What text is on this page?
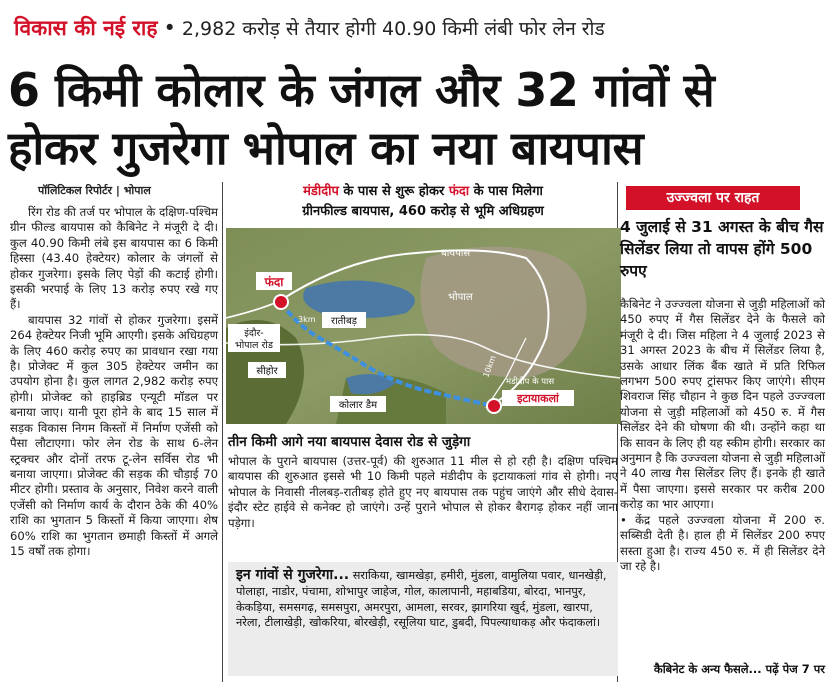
विकास की नई राह • 2,982 करोड़ से तैयार होगी 40.90 किमी लंबी फोर लेन रोड
6 किमी कोलार के जंगल और 32 गांवों से
होकर गुजरेगा भोपाल का नया बायपास
पॉलिटिकल रिपोर्टर | भोपाल

रिंग रोड की तर्ज पर भोपाल के दक्षिण-पश्चिम ग्रीन फील्ड बायपास को कैबिनेट ने मंजूरी दे दी। कुल 40.90 किमी लंबे इस बायपास का 6 किमी हिस्सा (43.40 हेक्टेयर) कोलार के जंगलों से होकर गुजरेगा। इसके लिए पेड़ों की कटाई होगी। इसकी भरपाई के लिए 13 करोड़ रुपए रखे गए हैं।

बायपास 32 गांवों से होकर गुजरेगा। इसमें 264 हेक्टेयर निजी भूमि आएगी। इसके अधिग्रहण के लिए 460 करोड़ रुपए का प्रावधान रखा गया है। प्रोजेक्ट में कुल 305 हेक्टेयर जमीन का उपयोग होना है। कुल लागत 2,982 करोड़ रुपए होगी। प्रोजेक्ट को हाइब्रिड एन्यूटी मॉडल पर बनाया जाए। यानी पूरा होने के बाद 15 साल में सड़क विकास निगम किस्तों में निर्माण एजेंसी को पैसा लौटाएगा। फोर लेन रोड के साथ 6-लेन स्ट्रक्चर और दोनों तरफ टू-लेन सर्विस रोड भी बनाया जाएगा। प्रोजेक्ट की सड़क की चौड़ाई 70 मीटर होगी। प्रस्ताव के अनुसार, निवेश करने वाली एजेंसी को निर्माण कार्य के दौरान ठेके की 40% राशि का भुगतान 5 किस्तों में किया जाएगा। शेष 60% राशि का भुगतान छमाही किस्तों में अगले 15 वर्षों तक होगा।

मंडीदीप के पास से शुरू होकर फंदा के पास मिलेगा
ग्रीनफील्ड बायपास, 460 करोड़ से भूमि अधिग्रहण
फंदा
बायपास
भोपाल
रातीबड़
इंदौर-
भोपाल रोड
सीहोर
कोलार डैम
मंडीदीप के पास
इटायाकलां
3km
10km
तीन किमी आगे नया बायपास देवास रोड से जुड़ेगा

भोपाल के पुराने बायपास (उत्तर-पूर्व) की शुरुआत 11 मील से हो रही है। दक्षिण पश्चिम बायपास की शुरुआत इससे भी 10 किमी पहले मंडीदीप के इटायाकलां गांव से होगी। नए भोपाल के निवासी नीलबड़-रातीबड़ होते हुए नए बायपास तक पहुंच जाएंगे और सीधे देवास-इंदौर स्टेट हाईवे से कनेक्ट हो जाएंगे। उन्हें पुराने भोपाल से होकर बैरागढ़ होकर नहीं जाना पड़ेगा।

इन गांवों से गुजरेगा... सराकिया, खामखेड़ा, हमीरी, मुंडला, वामुलिया पवार, धानखेड़ी, पोलाहा, नाडोर, पंचामा, शोभापुर जाहेज, गोल, कालापानी, महाबडिया, बोरदा, भानपुर, केकड़िया, समसगढ़, समसपुरा, अमरपुरा, आमला, सरवर, झागरिया खुर्द, मुंडला, खारपा, नरेला, टीलाखेड़ी, खोकरिया, बोरखेड़ी, रसूलिया घाट, डुबदी, पिपल्याधाकड़ और फंदाकलां।
उज्ज्वला पर राहत
4 जुलाई से 31 अगस्त के बीच गैस सिलेंडर लिया तो वापस होंगे 500 रुपए

कैबिनेट ने उज्ज्वला योजना से जुड़ी महिलाओं को 450 रुपए में गैस सिलेंडर देने के फैसले को मंजूरी दे दी। जिस महिला ने 4 जुलाई 2023 से 31 अगस्त 2023 के बीच में सिलेंडर लिया है, उसके आधार लिंक बैंक खाते में प्रति रिफिल लगभग 500 रुपए ट्रांसफर किए जाएंगे। सीएम शिवराज सिंह चौहान ने कुछ दिन पहले उज्ज्वला योजना से जुड़ी महिलाओं को 450 रु. में गैस सिलेंडर देने की घोषणा की थी। उन्होंने कहा था कि सावन के लिए ही यह स्कीम होगी। सरकार का अनुमान है कि उज्ज्वला योजना से जुड़ी महिलाओं ने 40 लाख गैस सिलेंडर लिए हैं। इनके ही खाते में पैसा जाएगा। इससे सरकार पर करीब 200 करोड़ का भार आएगा।

• केंद्र पहले उज्ज्वला योजना में 200 रु. सब्सिडी देती है। हाल ही में सिलेंडर 200 रुपए सस्ता हुआ है। राज्य 450 रु. में ही सिलेंडर देने जा रहे है।

कैबिनेट के अन्य फैसले... पढ़ें पेज 7 पर
